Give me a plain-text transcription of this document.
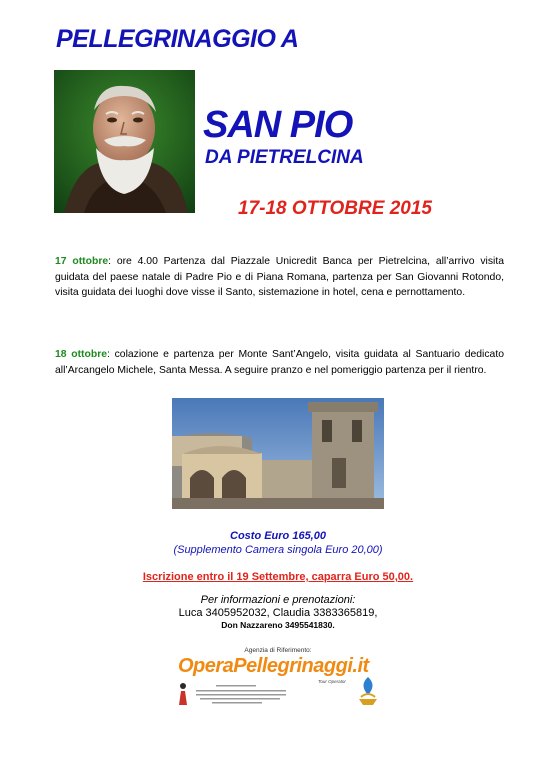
PELLEGRINAGGIO A
SAN PIO
DA PIETRELCINA
17-18 OTTOBRE 2015
17 ottobre: ore 4.00 Partenza dal Piazzale Unicredit Banca per Pietrelcina, all’arrivo visita guidata del paese natale di Padre Pio e di Piana Romana, partenza per San Giovanni Rotondo, visita guidata dei luoghi dove visse il Santo, sistemazione in hotel, cena e pernottamento.
18 ottobre: colazione e partenza per Monte Sant’Angelo, visita guidata al Santuario dedicato all’Arcangelo Michele, Santa Messa. A seguire pranzo e nel pomeriggio partenza per il rientro.
Costo Euro 165,00
(Supplemento Camera singola Euro 20,00)
Iscrizione entro il 19 Settembre, caparra Euro 50,00.
Per informazioni e prenotazioni:
Luca 3405952032, Claudia 3383365819,
Don Nazzareno 3495541830.
Agenzia di Riferimento:
OperaPellegrinaggi.it
Tour Operator
